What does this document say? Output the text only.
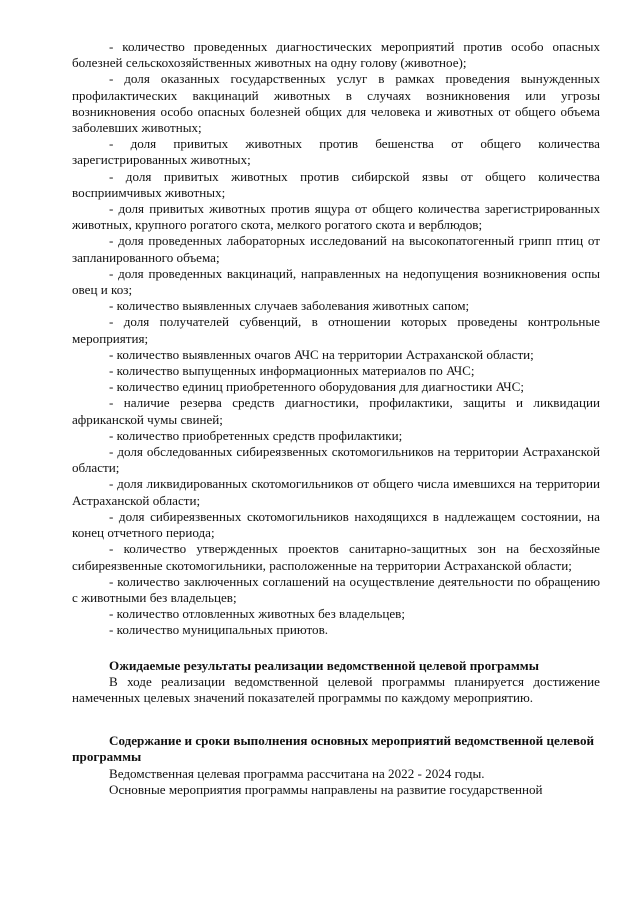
- количество проведенных диагностических мероприятий против особо опасных болезней сельскохозяйственных животных на одну голову (животное);

- доля оказанных государственных услуг в рамках проведения вынужденных профилактических вакцинаций животных в случаях возникновения или угрозы возникновения особо опасных болезней общих для человека и животных от общего объема заболевших животных;

- доля привитых животных против бешенства от общего количества зарегистрированных животных;

- доля привитых животных против сибирской язвы от общего количества восприимчивых животных;

- доля привитых животных против ящура от общего количества зарегистрированных животных, крупного рогатого скота, мелкого рогатого скота и верблюдов;

- доля проведенных лабораторных исследований на высокопатогенный грипп птиц от запланированного объема;

- доля проведенных вакцинаций, направленных на недопущения возникновения оспы овец и коз;

- количество выявленных случаев заболевания животных сапом;

- доля получателей субвенций, в отношении которых проведены контрольные мероприятия;

- количество выявленных очагов АЧС на территории Астраханской области;

- количество выпущенных информационных материалов по АЧС;

- количество единиц приобретенного оборудования для диагностики АЧС;

- наличие резерва средств диагностики, профилактики, защиты и ликвидации африканской чумы свиней;

- количество приобретенных средств профилактики;

- доля обследованных сибиреязвенных скотомогильников на территории Астраханской области;

- доля ликвидированных скотомогильников от общего числа имевшихся на территории Астраханской области;

- доля сибиреязвенных скотомогильников находящихся в надлежащем состоянии, на конец отчетного периода;

- количество утвержденных проектов санитарно-защитных зон на бесхозяйные сибиреязвенные скотомогильники, расположенные на территории Астраханской области;

- количество заключенных соглашений на осуществление деятельности по обращению с животными без владельцев;

- количество отловленных животных без владельцев;

- количество муниципальных приютов.

Ожидаемые результаты реализации ведомственной целевой программы

В ходе реализации ведомственной целевой программы планируется достижение намеченных целевых значений показателей программы по каждому мероприятию.

Содержание и сроки выполнения основных мероприятий ведомственной целевой программы

Ведомственная целевая программа рассчитана на 2022 - 2024 годы.

Основные мероприятия программы направлены на развитие государственной
